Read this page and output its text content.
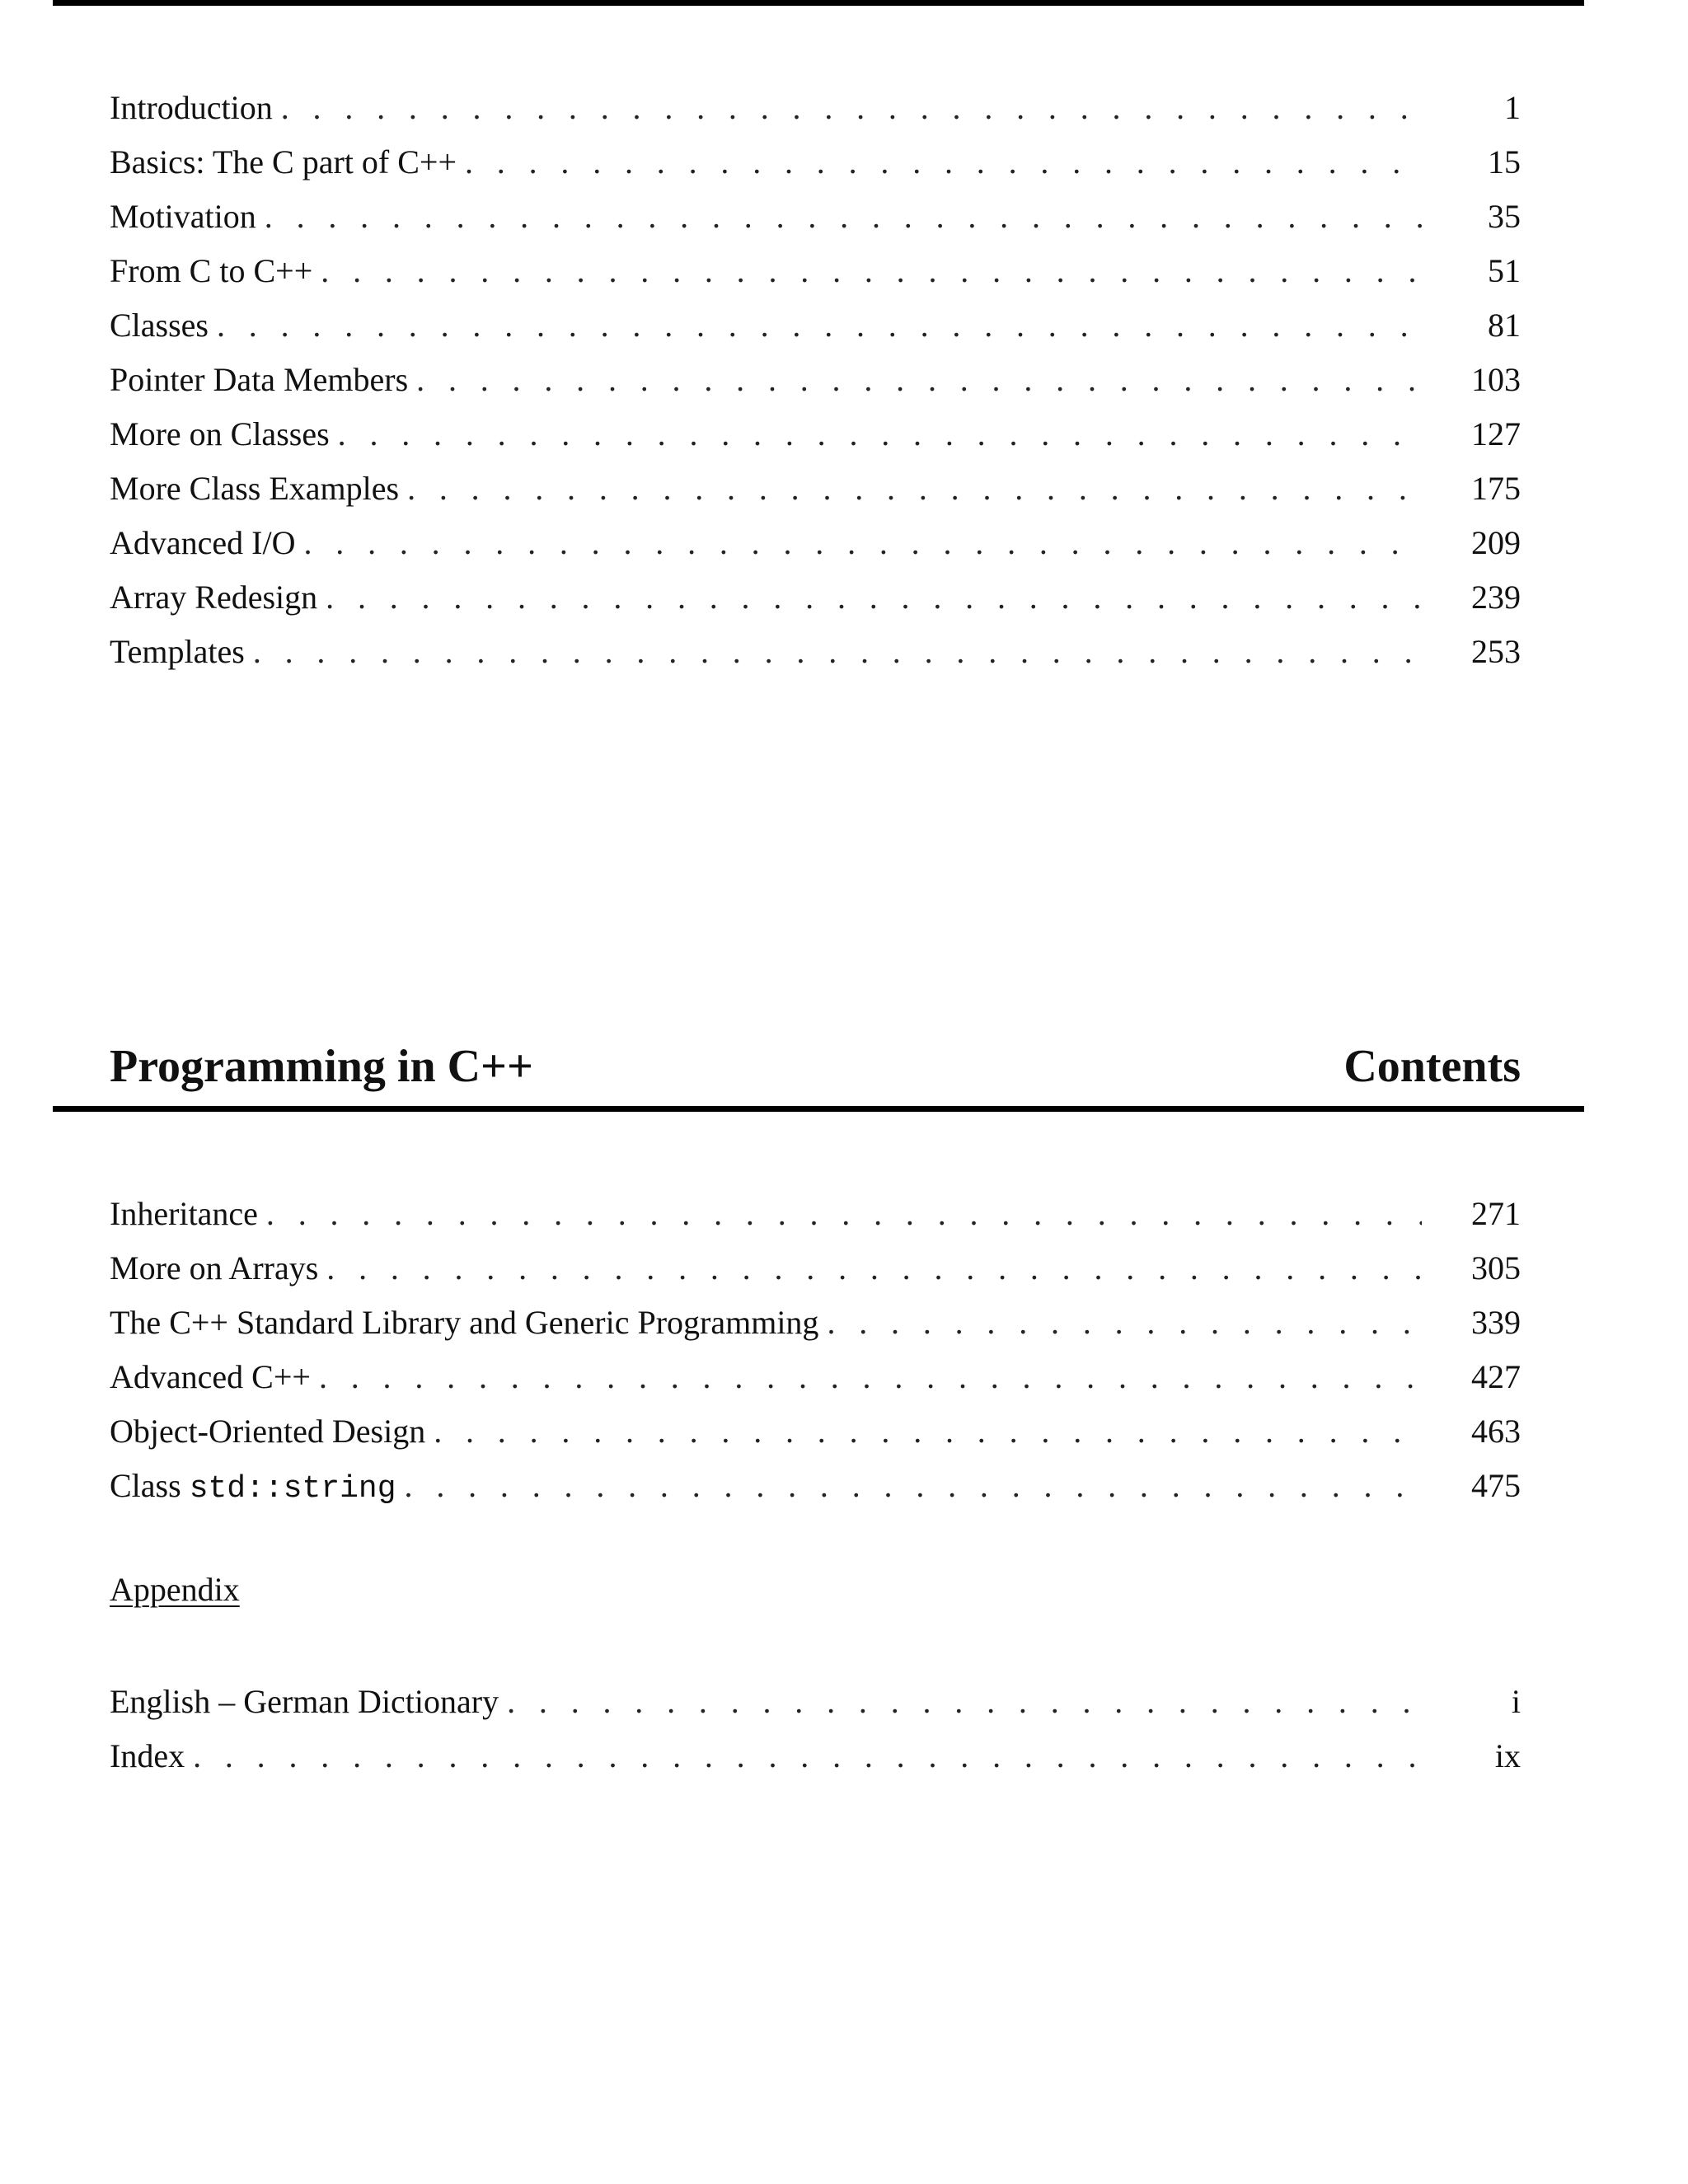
Introduction . . .	1
Basics: The C part of C++ . . .	15
Motivation . . .	35
From C to C++ . . .	51
Classes . . .	81
Pointer Data Members . . .	103
More on Classes . . .	127
More Class Examples . . .	175
Advanced I/O . . .	209
Array Redesign . . .	239
Templates . . .	253
Programming in C++	Contents
Inheritance . . .	271
More on Arrays . . .	305
The C++ Standard Library and Generic Programming . . .	339
Advanced C++ . . .	427
Object-Oriented Design . . .	463
Class std::string . . .	475
Appendix
English – German Dictionary . . .	i
Index . . .	ix
